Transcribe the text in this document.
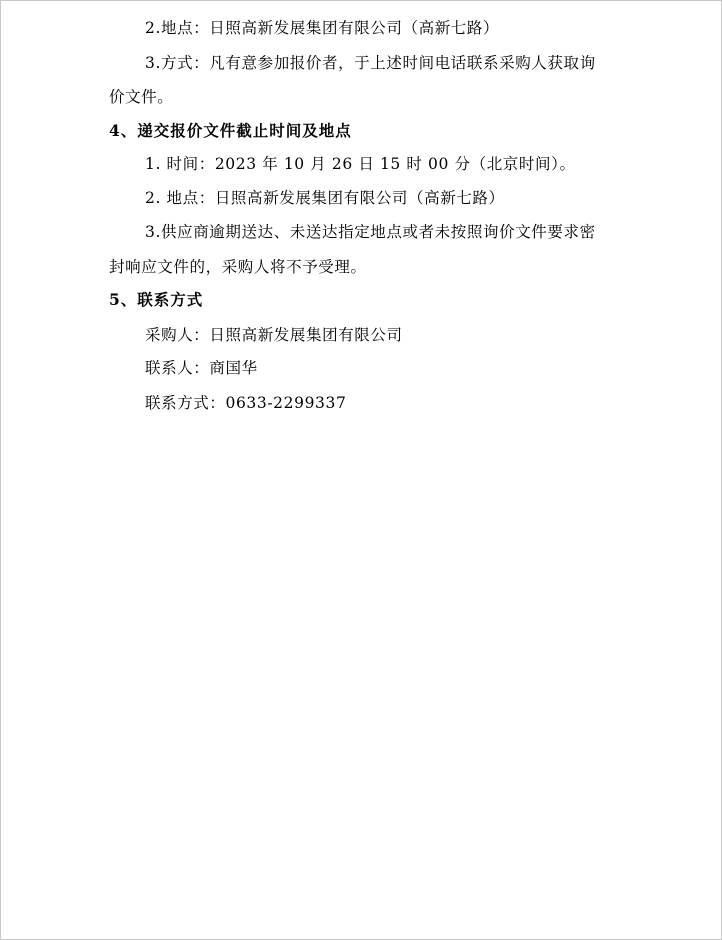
2.地点：日照高新发展集团有限公司（高新七路）
3.方式：凡有意参加报价者，于上述时间电话联系采购人获取询
价文件。
4、递交报价文件截止时间及地点
1. 时间：2023 年 10 月 26 日 15 时 00 分（北京时间）。
2. 地点：日照高新发展集团有限公司（高新七路）
3.供应商逾期送达、未送达指定地点或者未按照询价文件要求密
封响应文件的，采购人将不予受理。
5、联系方式
采购人：日照高新发展集团有限公司
联系人：商国华
联系方式：0633-2299337
